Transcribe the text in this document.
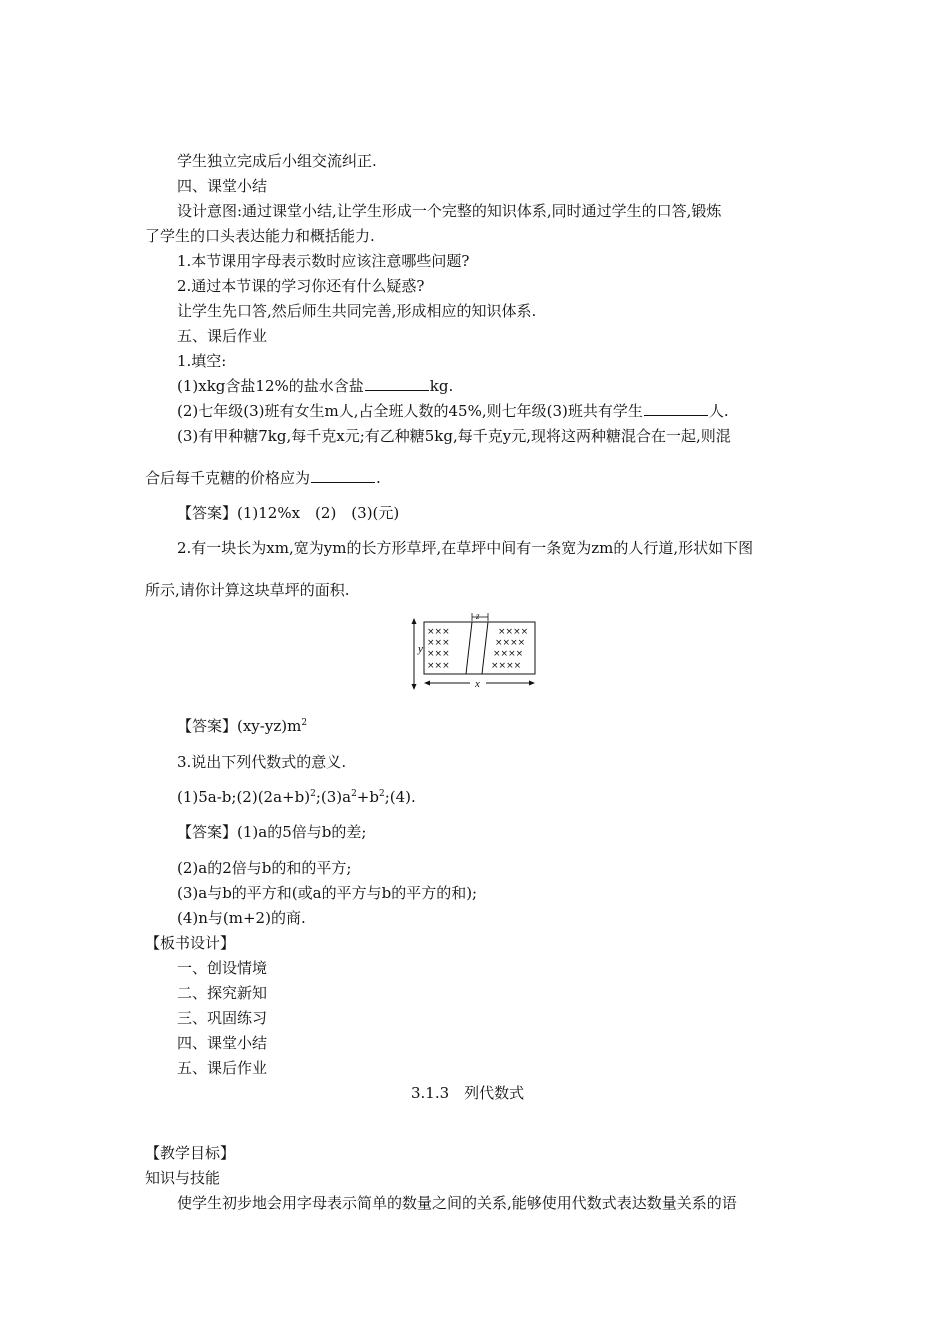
学生独立完成后小组交流纠正.

四、课堂小结

设计意图:通过课堂小结,让学生形成一个完整的知识体系,同时通过学生的口答,锻炼

了学生的口头表达能力和概括能力.

1.本节课用字母表示数时应该注意哪些问题?

2.通过本节课的学习你还有什么疑惑?

让学生先口答,然后师生共同完善,形成相应的知识体系.

五、课后作业

1.填空:

(1)xkg含盐12%的盐水含盐	kg.

(2)七年级(3)班有女生m人,占全班人数的45%,则七年级(3)班共有学生	人.

(3)有甲种糖7kg,每千克x元;有乙种糖5kg,每千克y元,现将这两种糖混合在一起,则混

合后每千克糖的价格应为	.

【答案】(1)12%x　(2)　(3)(元)

2.有一块长为xm,宽为ym的长方形草坪,在草坪中间有一条宽为zm的人行道,形状如下图

所示,请你计算这块草坪的面积.

y
z
×××
×××
×××
×××
××××
××××
××××
××××
x

【答案】$(xy-yz)m^2$

3.说出下列代数式的意义.

$(1)5a-b;(2)(2a+b)^2;(3)a^2+b^2;(4)$.

【答案】(1)a的5倍与b的差;

(2)a的2倍与b的和的平方;

(3)a与b的平方和(或a的平方与b的平方的和);

(4)n与(m+2)的商.

【板书设计】

一、创设情境

二、探究新知

三、巩固练习

四、课堂小结

五、课后作业

3.1.3　列代数式

【教学目标】

知识与技能

使学生初步地会用字母表示简单的数量之间的关系,能够使用代数式表达数量关系的语
